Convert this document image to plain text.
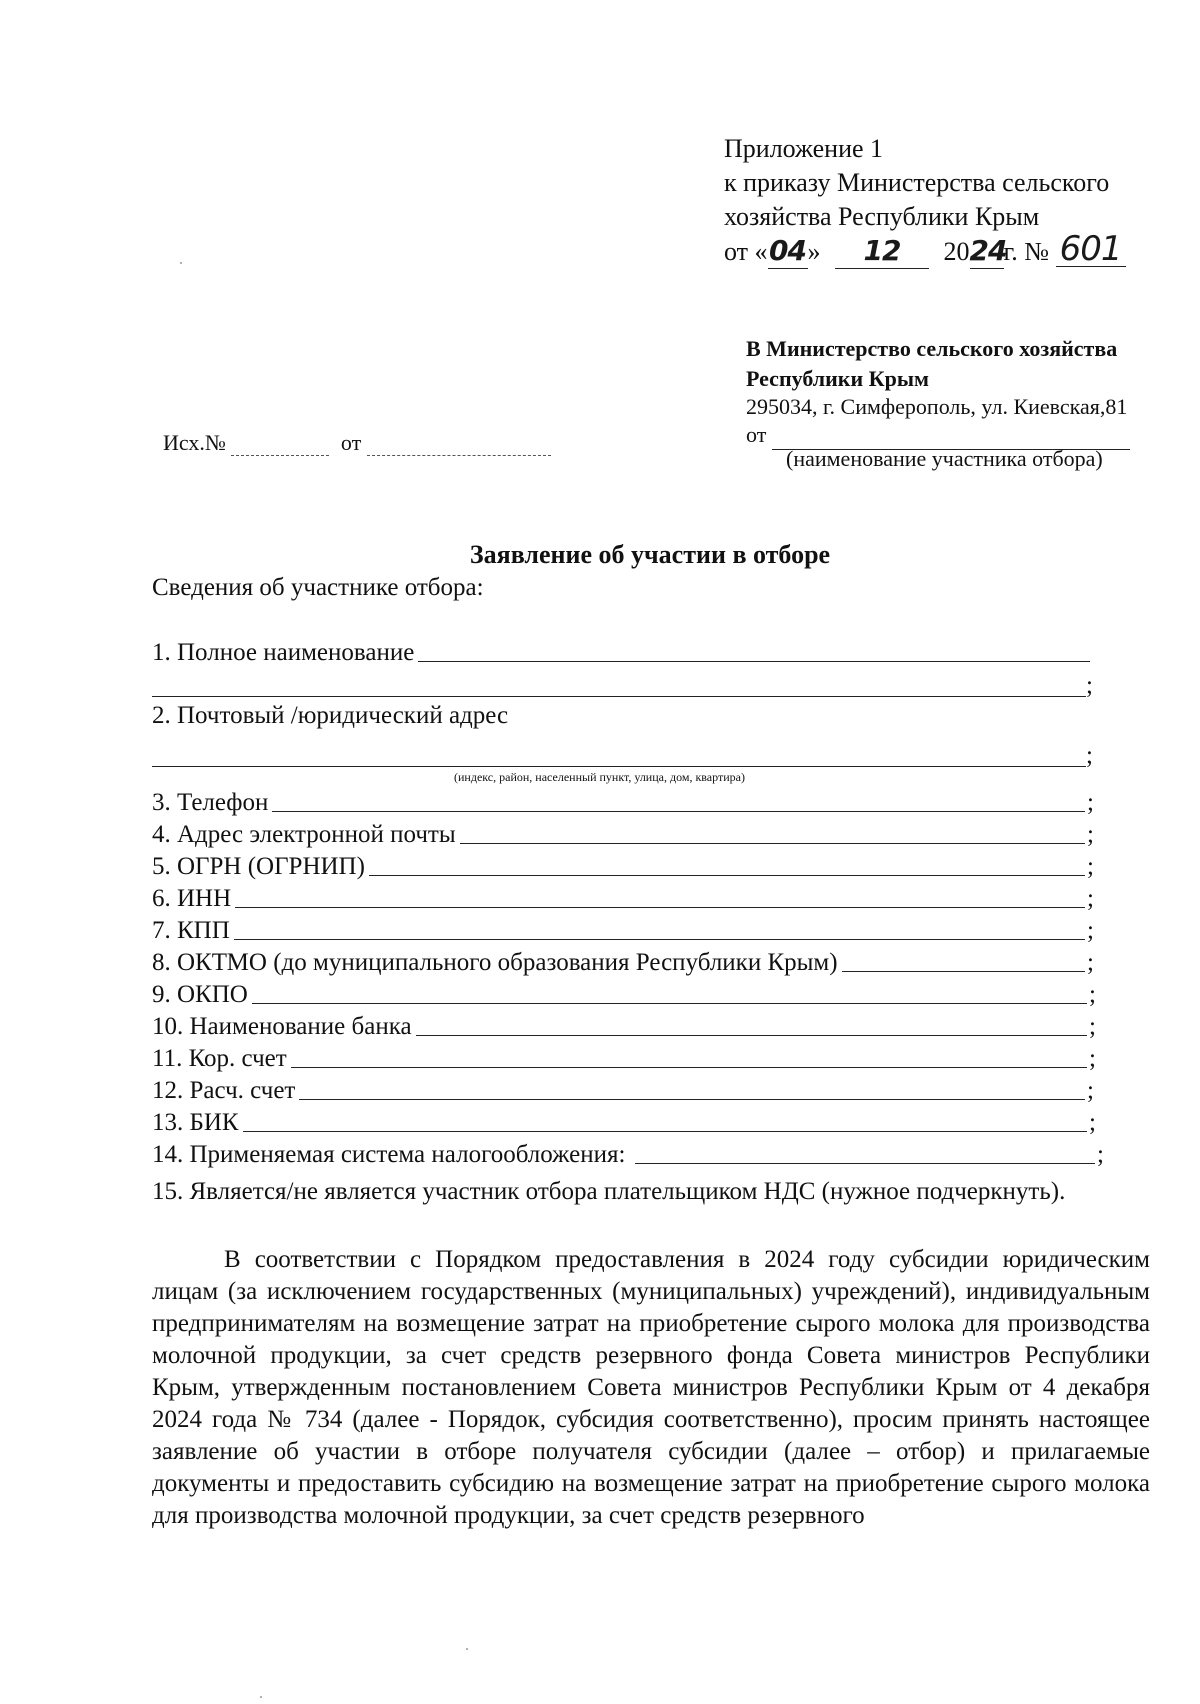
Приложение 1
к приказу Министерства сельского
хозяйства Республики Крым
от «04» 12 2024г. № 601
В Министерство сельского хозяйства
Республики Крым
295034, г. Симферополь, ул. Киевская,81
от
(наименование участника отбора)
Исх.№	от
Заявление об участии в отборе
Сведения об участнике отбора:
1. Полное наименование
;
2. Почтовый /юридический адрес
;
(индекс, район, населенный пункт, улица, дом, квартира)
3. Телефон	;
4. Адрес электронной почты	;
5. ОГРН (ОГРНИП)	;
6. ИНН	;
7. КПП	;
8. ОКТМО (до муниципального образования Республики Крым)	;
9. ОКПО	;
10. Наименование банка	;
11. Кор. счет	;
12. Расч. счет	;
13. БИК	;
14. Применяемая система налогообложения:	;
15. Является/не является участник отбора плательщиком НДС (нужное подчеркнуть).
В соответствии с Порядком предоставления в 2024 году субсидии юридическим лицам (за исключением государственных (муниципальных) учреждений), индивидуальным предпринимателям на возмещение затрат на приобретение сырого молока для производства молочной продукции, за счет средств резервного фонда Совета министров Республики Крым, утвержденным постановлением Совета министров Республики Крым от 4 декабря 2024 года № 734 (далее - Порядок, субсидия соответственно), просим принять настоящее заявление об участии в отборе получателя субсидии (далее – отбор) и прилагаемые документы и предоставить субсидию на возмещение затрат на приобретение сырого молока для производства молочной продукции, за счет средств резервного
